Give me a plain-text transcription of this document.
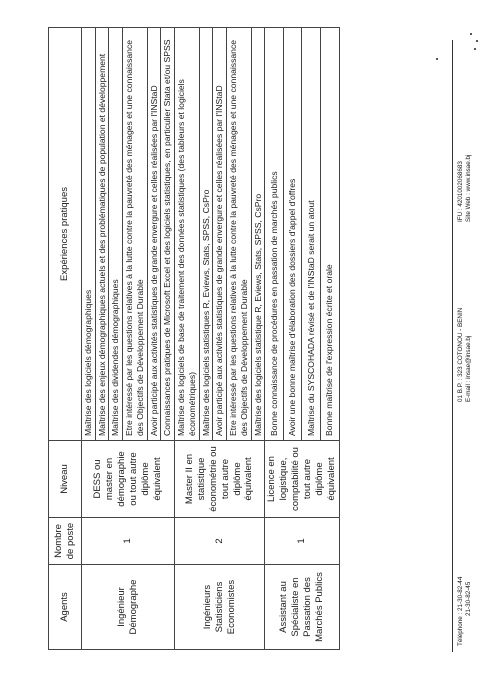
Agents	Nombre de poste	Niveau	Expériences pratiques
Ingénieur Démographe	1	DESS ou master en démographie ou tout autre diplôme équivalent	Maîtrise des logiciels démographiques
			Maîtrise des enjeux démographiques actuels et des problématiques de population et développement
			Maîtrise des dividendes démographiques
			Etre intéressé par les questions relatives à la lutte contre la pauvreté des ménages et une connaissance des Objectifs de Développement Durable
			Avoir participé aux activités statistiques de grande envergure et celles réalisées par l'INStaD
			Connaissances pratiques de Microsoft Excel et des logiciels statistiques, en particulier Stata et/ou SPSS
Ingénieurs Statisticiens Economistes	2	Master II en statistique économétrie ou tout autre diplôme équivalent	Maîtrise des logiciels de base de traitement des données statistiques (des tableurs et logiciels économétriques)
			Maîtrise des logiciels statistiques R, Eviews, Stats, SPSS, CsPro
			Avoir participé aux activités statistiques de grande envergure et celles réalisées par l'INStaD
			Etre intéressé par les questions relatives à la lutte contre la pauvreté des ménages et une connaissance des Objectifs de Développement Durable
			Maîtrise des logiciels statistique R, Eviews, Stats, SPSS, CsPro
Assistant au Spécialiste en Passation des Marchés Publics	1	Licence en logistique, comptabilité ou tout autre diplôme équivalent	Bonne connaissance de procédures en passation de marchés publics
			Avoir une bonne maîtrise d'élaboration des dossiers d'appel d'offres
			Maîtrise du SYSCOHADA révisé et de l'INStaD serait un atout
			Bonne maîtrise de l'expression écrite et orale
Téléphone : 21-30-82-44 21-30-82-45
01 B.P. : 323 COTONOU - BENIN E-mail : insae@insae.bj
IFU : 4201002068683 Site Web : www.insae.bj
